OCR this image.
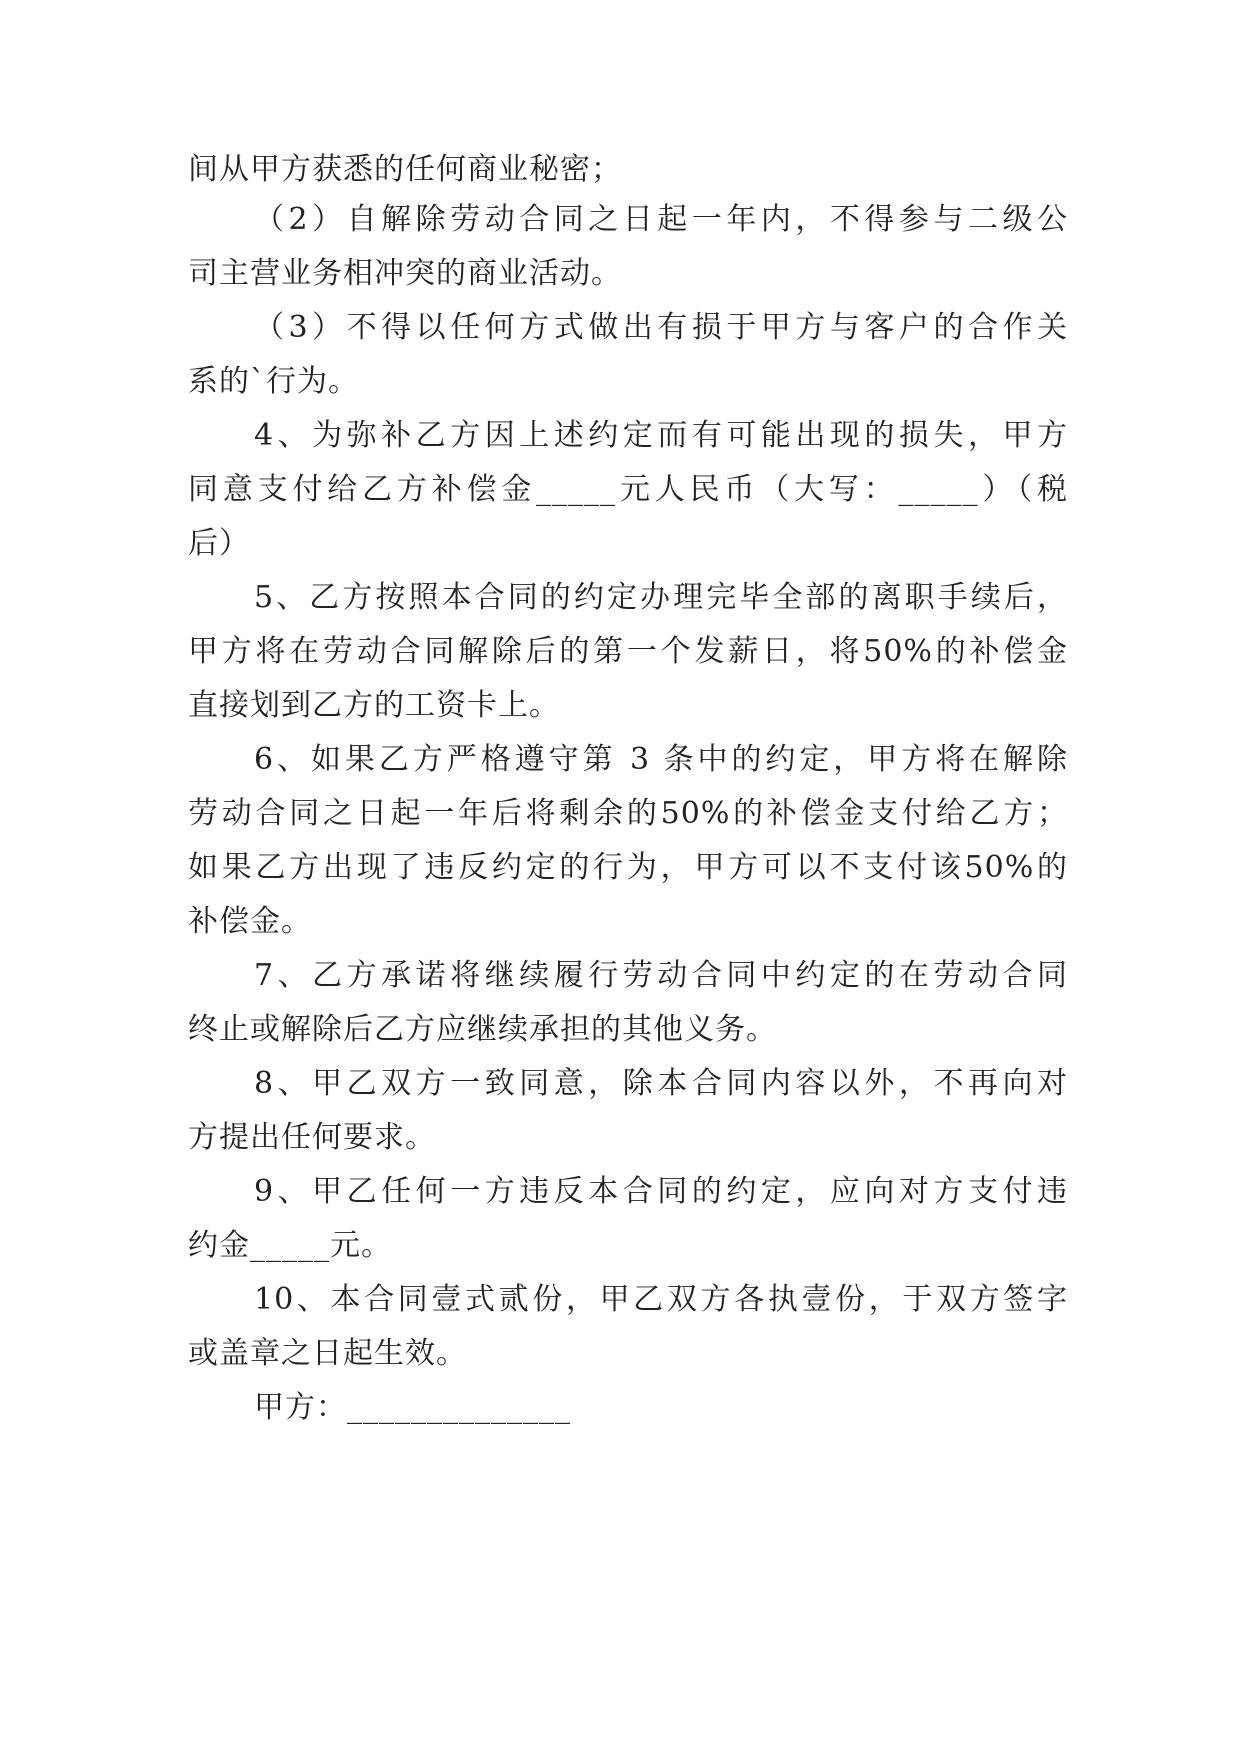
间从甲方获悉的任何商业秘密；
（2）自解除劳动合同之日起一年内，不得参与二级公
司主营业务相冲突的商业活动。
（3）不得以任何方式做出有损于甲方与客户的合作关
系的`行为。
4、为弥补乙方因上述约定而有可能出现的损失，甲方
同意支付给乙方补偿金_____元人民币（大写：_____）（税
后）
5、乙方按照本合同的约定办理完毕全部的离职手续后，
甲方将在劳动合同解除后的第一个发薪日，将50%的补偿金
直接划到乙方的工资卡上。
6、如果乙方严格遵守第 3 条中的约定，甲方将在解除
劳动合同之日起一年后将剩余的50%的补偿金支付给乙方；
如果乙方出现了违反约定的行为，甲方可以不支付该50%的
补偿金。
7、乙方承诺将继续履行劳动合同中约定的在劳动合同
终止或解除后乙方应继续承担的其他义务。
8、甲乙双方一致同意，除本合同内容以外，不再向对
方提出任何要求。
9、甲乙任何一方违反本合同的约定，应向对方支付违
约金_____元。
10、本合同壹式贰份，甲乙双方各执壹份，于双方签字
或盖章之日起生效。
甲方：______________
